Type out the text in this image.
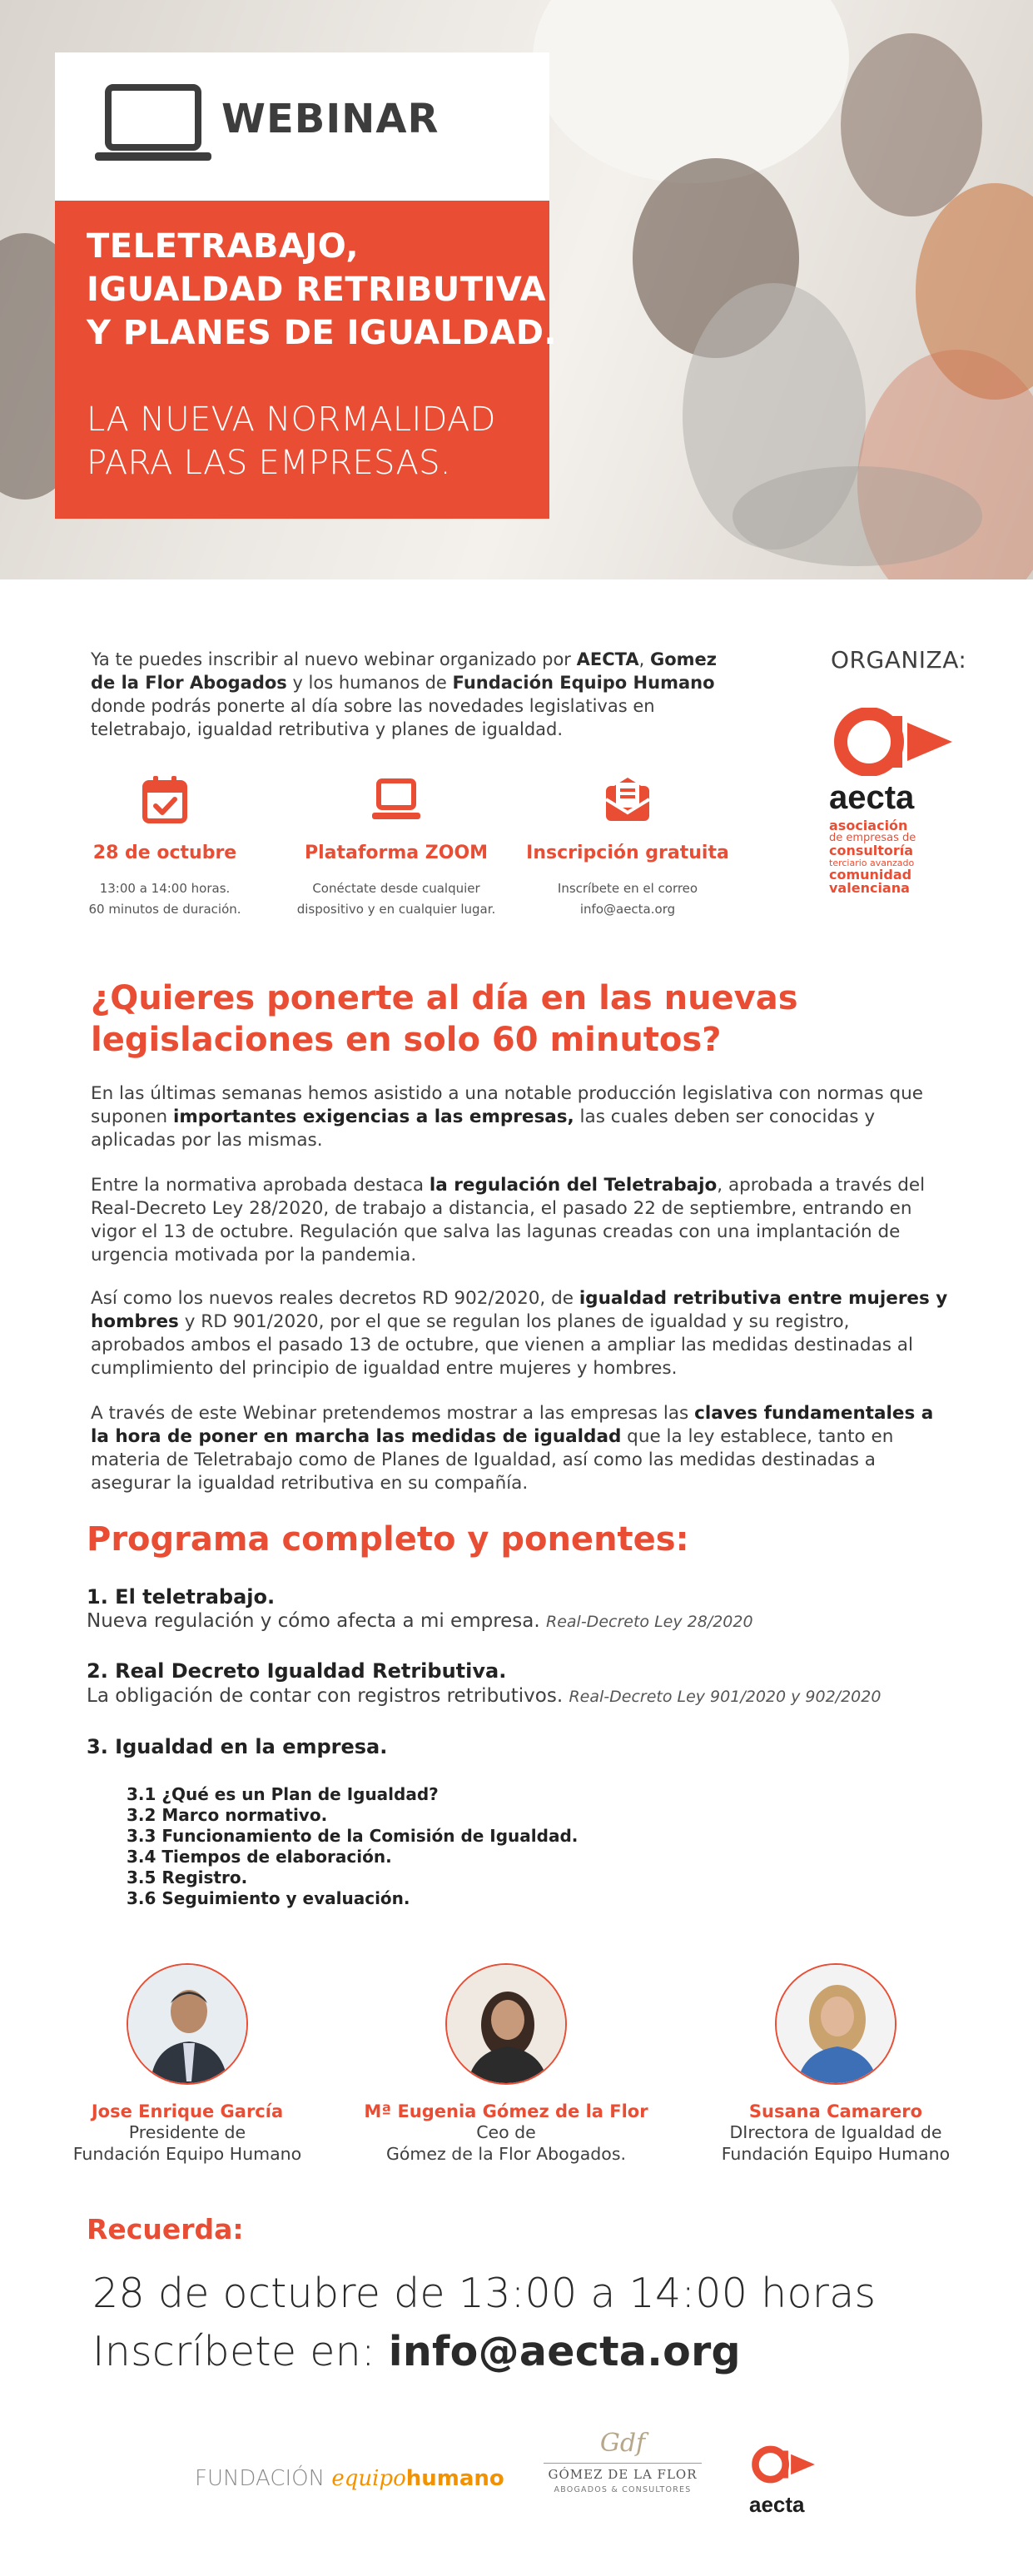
WEBINAR
TELETRABAJO,
IGUALDAD RETRIBUTIVA
Y PLANES DE IGUALDAD.
LA NUEVA NORMALIDAD
PARA LAS EMPRESAS.
Ya te puedes inscribir al nuevo webinar organizado por AECTA, Gomez de la Flor Abogados y los humanos de Fundación Equipo Humano donde podrás ponerte al día sobre las novedades legislativas en teletrabajo, igualdad retributiva y planes de igualdad.
ORGANIZA:
aecta
asociación
de empresas de
consultoría
terciario avanzado
comunidad
valenciana
28 de octubre
13:00 a 14:00 horas.
60 minutos de duración.
Plataforma ZOOM
Conéctate desde cualquier
dispositivo y en cualquier lugar.
Inscripción gratuita
Inscríbete en el correo
info@aecta.org
¿Quieres ponerte al día en las nuevas
legislaciones en solo 60 minutos?
En las últimas semanas hemos asistido a una notable producción legislativa con normas que suponen importantes exigencias a las empresas, las cuales deben ser conocidas y aplicadas por las mismas.
Entre la normativa aprobada destaca la regulación del Teletrabajo, aprobada a través del Real-Decreto Ley 28/2020, de trabajo a distancia, el pasado 22 de septiembre, entrando en vigor el 13 de octubre. Regulación que salva las lagunas creadas con una implantación de urgencia motivada por la pandemia.
Así como los nuevos reales decretos RD 902/2020, de igualdad retributiva entre mujeres y hombres y RD 901/2020, por el que se regulan los planes de igualdad y su registro, aprobados ambos el pasado 13 de octubre, que vienen a ampliar las medidas destinadas al cumplimiento del principio de igualdad entre mujeres y hombres.
A través de este Webinar pretendemos mostrar a las empresas las claves fundamentales a la hora de poner en marcha las medidas de igualdad que la ley establece, tanto en materia de Teletrabajo como de Planes de Igualdad, así como las medidas destinadas a asegurar la igualdad retributiva en su compañía.
Programa completo y ponentes:
1. El teletrabajo.
Nueva regulación y cómo afecta a mi empresa. Real-Decreto Ley 28/2020
2. Real Decreto Igualdad Retributiva.
La obligación de contar con registros retributivos. Real-Decreto Ley 901/2020 y 902/2020
3. Igualdad en la empresa.
3.1 ¿Qué es un Plan de Igualdad?
3.2 Marco normativo.
3.3 Funcionamiento de la Comisión de Igualdad.
3.4 Tiempos de elaboración.
3.5 Registro.
3.6 Seguimiento y evaluación.
Jose Enrique García
Presidente de
Fundación Equipo Humano
Mª Eugenia Gómez de la Flor
Ceo de
Gómez de la Flor Abogados.
Susana Camarero
DIrectora de Igualdad de
Fundación Equipo Humano
Recuerda:
28 de octubre de 13:00 a 14:00 horas
Inscríbete en: info@aecta.org
FUNDACIÓN equipohumano
Gdf
GÓMEZ DE LA FLOR
ABOGADOS & CONSULTORES
aecta
